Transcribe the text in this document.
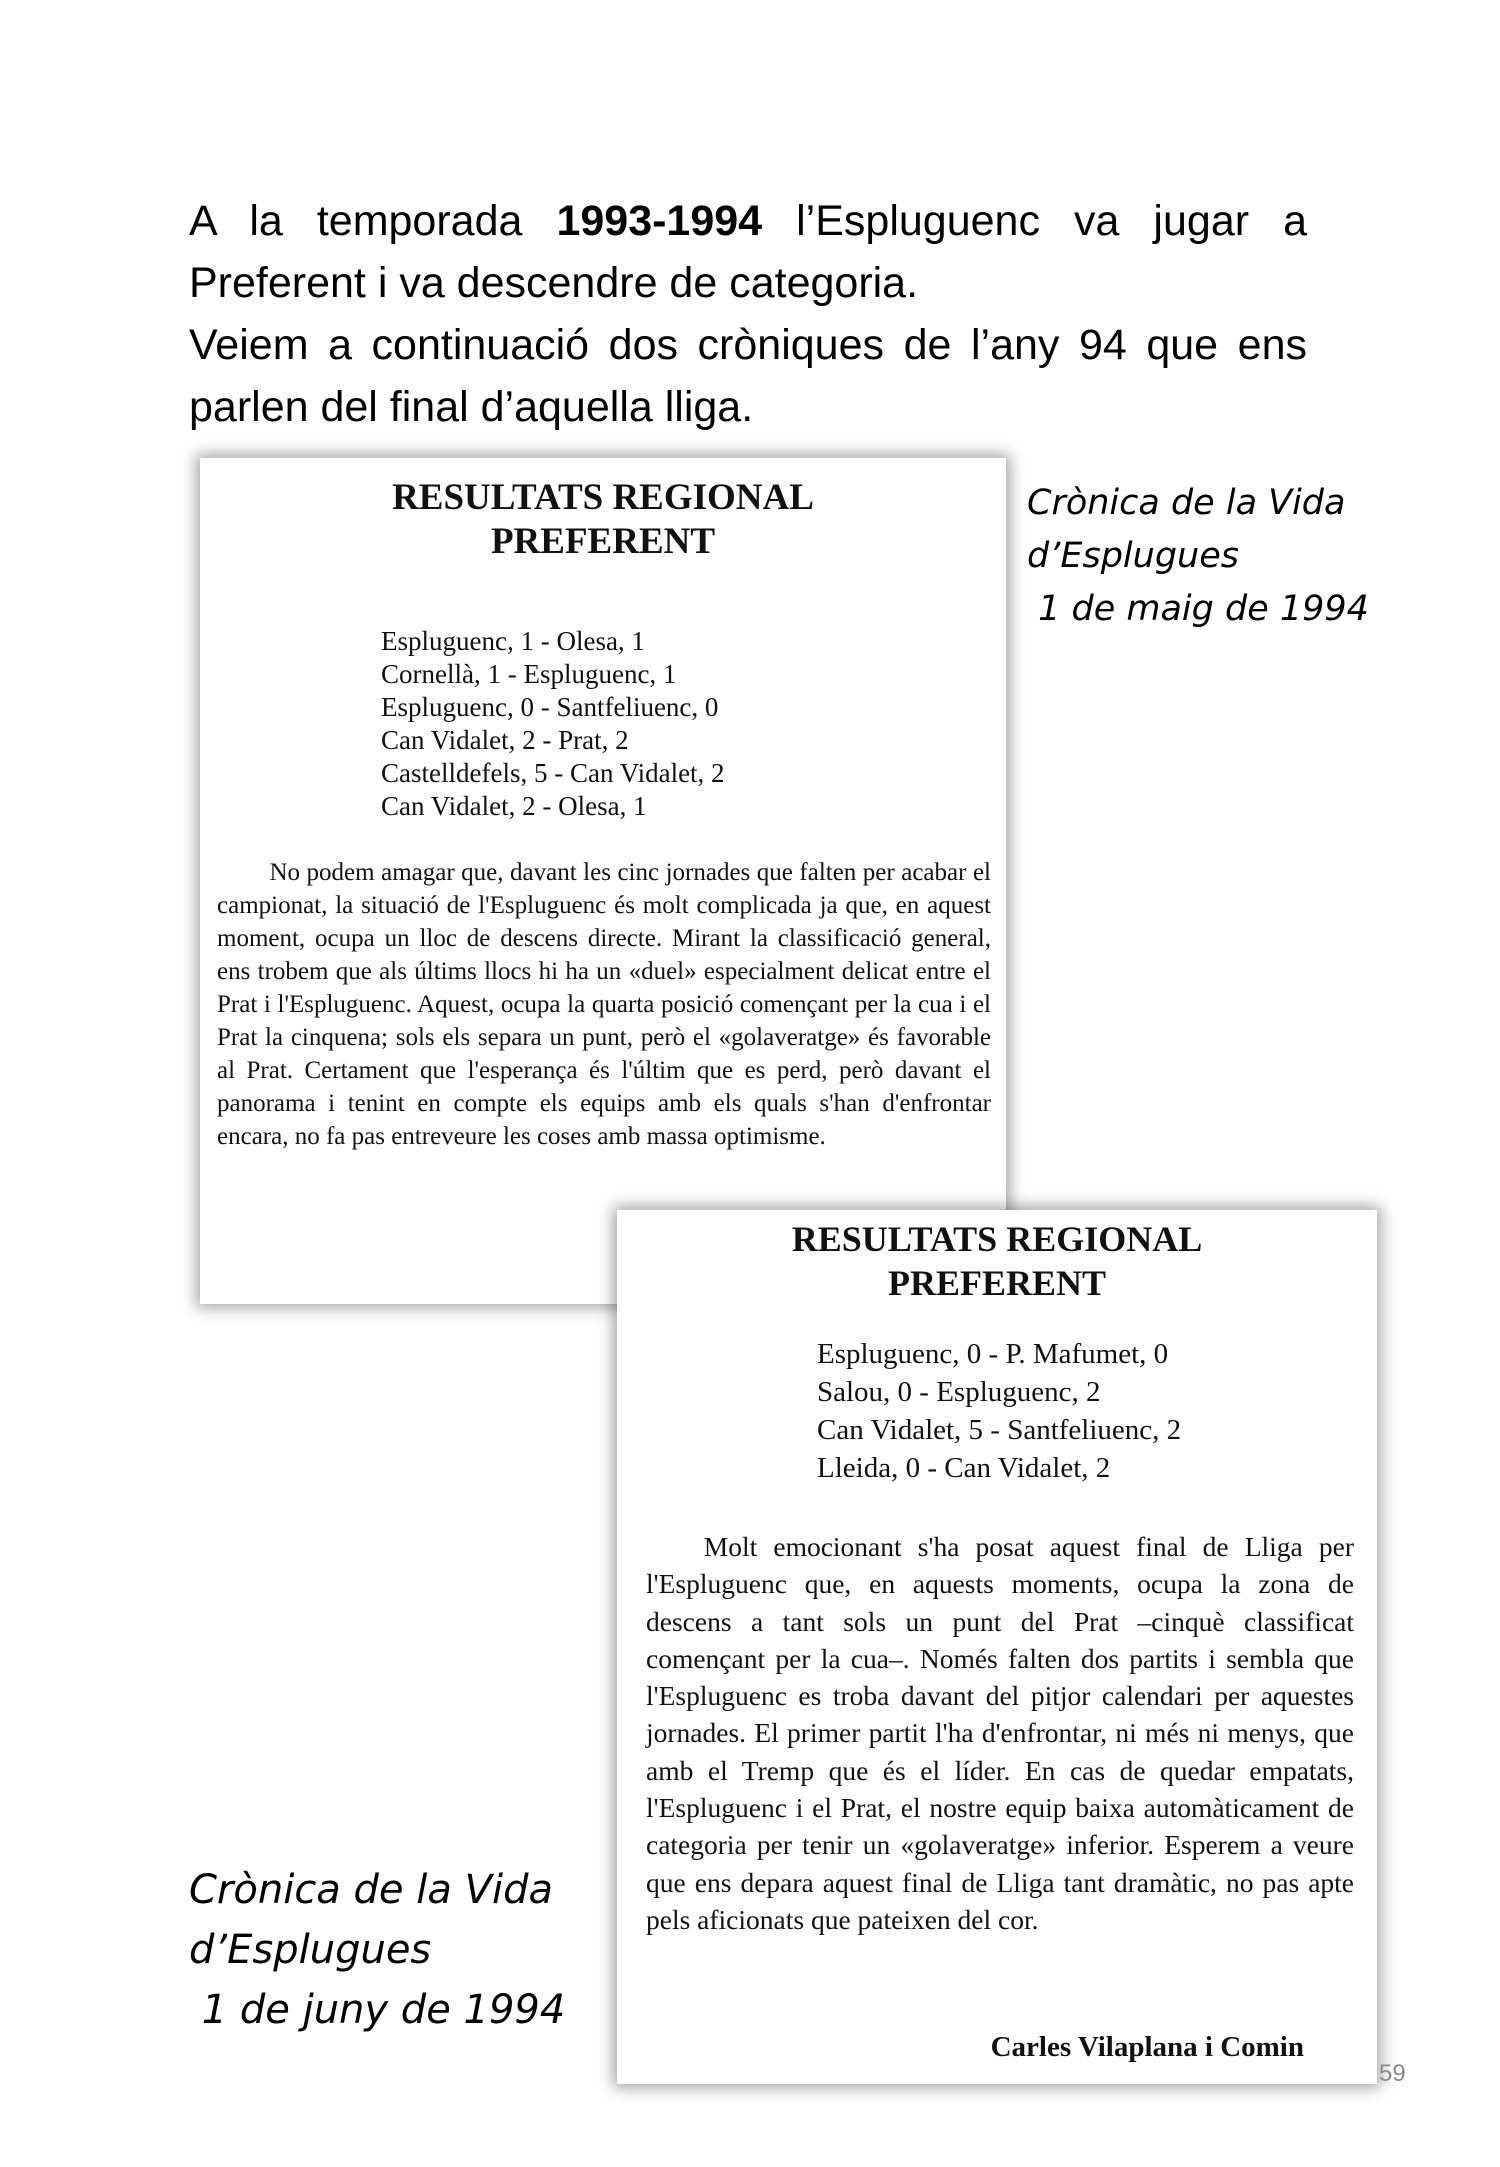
A la temporada 1993-1994 l’Espluguenc va jugar a

Preferent i va descendre de categoria.

Veiem a continuació dos cròniques de l’any 94 que ens

parlen del final d’aquella lliga.

RESULTATS REGIONAL
PREFERENT
Espluguenc, 1 - Olesa, 1
Cornellà, 1 - Espluguenc, 1
Espluguenc, 0 - Santfeliuenc, 0
Can Vidalet, 2 - Prat, 2
Castelldefels, 5 - Can Vidalet, 2
Can Vidalet, 2 - Olesa, 1

No podem amagar que, davant les cinc jornades que falten per acabar el campionat, la situació de l'Espluguenc és molt complicada ja que, en aquest moment, ocupa un lloc de descens directe. Mirant la classificació general, ens trobem que als últims llocs hi ha un «duel» especialment delicat entre el Prat i l'Espluguenc. Aquest, ocupa la quarta posició començant per la cua i el Prat la cinquena; sols els separa un punt, però el «golaveratge» és favorable al Prat. Certament que l'esperança és l'últim que es perd, però davant el panorama i tenint en compte els equips amb els quals s'han d'enfrontar encara, no fa pas entreveure les coses amb massa optimisme.

Crònica de la Vida
d’Esplugues
1 de maig de 1994
RESULTATS REGIONAL
PREFERENT
Espluguenc, 0 - P. Mafumet, 0
Salou, 0 - Espluguenc, 2
Can Vidalet, 5 - Santfeliuenc, 2
Lleida, 0 - Can Vidalet, 2

Molt emocionant s'ha posat aquest final de Lliga per l'Espluguenc que, en aquests moments, ocupa la zona de descens a tant sols un punt del Prat –cinquè classificat començant per la cua–. Només falten dos partits i sembla que l'Espluguenc es troba davant del pitjor calendari per aquestes jornades. El primer partit l'ha d'enfrontar, ni més ni menys, que amb el Tremp que és el líder. En cas de quedar empatats, l'Espluguenc i el Prat, el nostre equip baixa automàticament de categoria per tenir un «golaveratge» inferior. Esperem a veure que ens depara aquest final de Lliga tant dramàtic, no pas apte pels aficionats que pateixen del cor.

Carles Vilaplana i Comin
Crònica de la Vida
d’Esplugues
1 de juny de 1994
59
